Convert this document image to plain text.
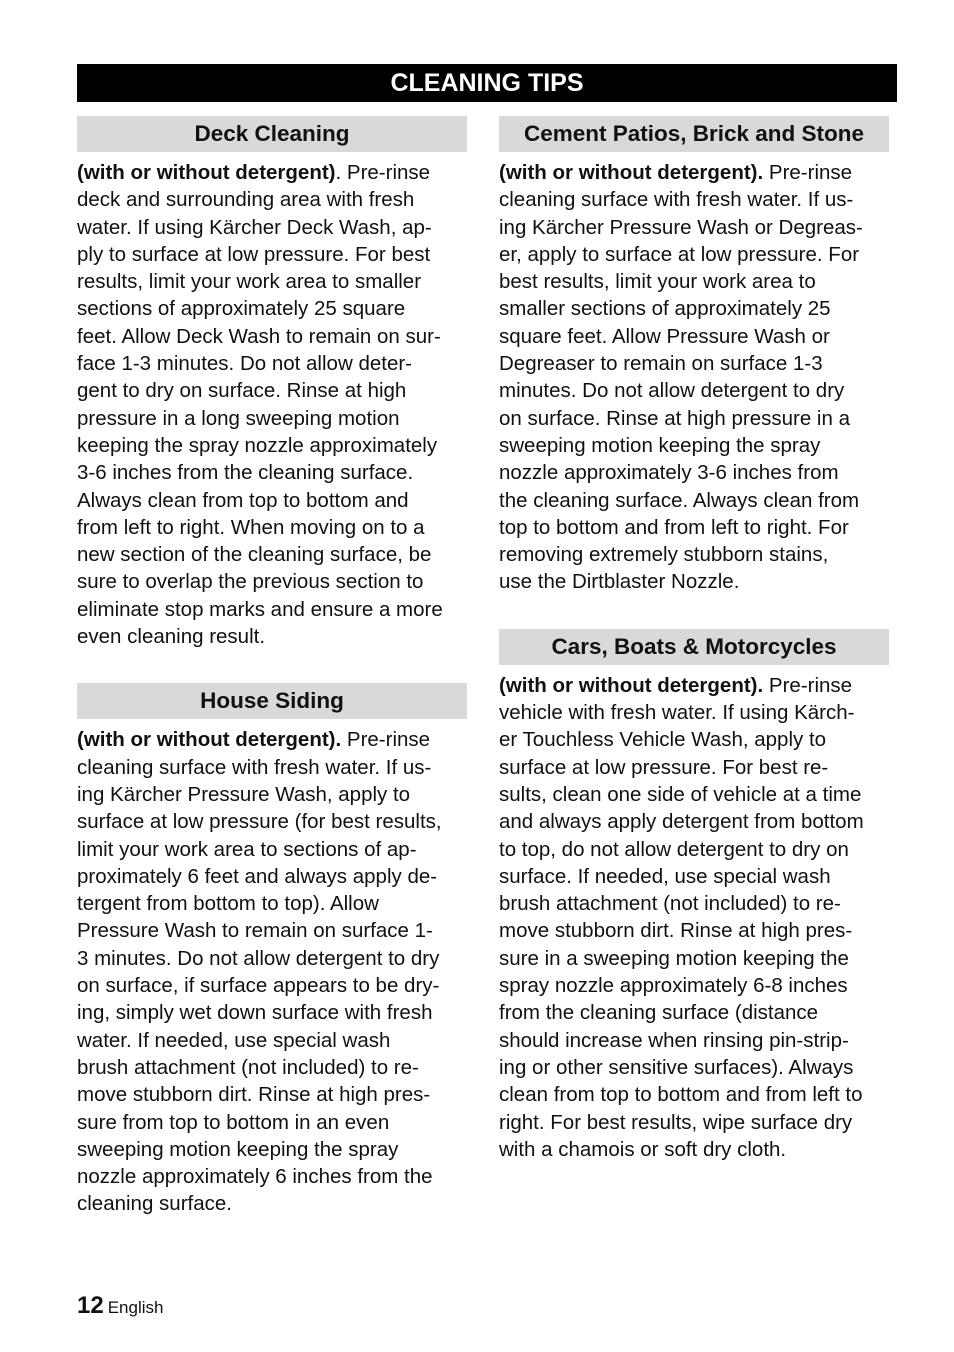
CLEANING TIPS
Deck Cleaning

(with or without detergent). Pre-rinse
deck and surrounding area with fresh
water. If using Kärcher Deck Wash, ap-
ply to surface at low pressure. For best
results, limit your work area to smaller
sections of approximately 25 square
feet. Allow Deck Wash to remain on sur-
face 1-3 minutes. Do not allow deter-
gent to dry on surface. Rinse at high
pressure in a long sweeping motion
keeping the spray nozzle approximately
3-6 inches from the cleaning surface.
Always clean from top to bottom and
from left to right. When moving on to a
new section of the cleaning surface, be
sure to overlap the previous section to
eliminate stop marks and ensure a more
even cleaning result.

House Siding

(with or without detergent). Pre-rinse
cleaning surface with fresh water. If us-
ing Kärcher Pressure Wash, apply to
surface at low pressure (for best results,
limit your work area to sections of ap-
proximately 6 feet and always apply de-
tergent from bottom to top). Allow
Pressure Wash to remain on surface 1-
3 minutes. Do not allow detergent to dry
on surface, if surface appears to be dry-
ing, simply wet down surface with fresh
water. If needed, use special wash
brush attachment (not included) to re-
move stubborn dirt. Rinse at high pres-
sure from top to bottom in an even
sweeping motion keeping the spray
nozzle approximately 6 inches from the
cleaning surface.

Cement Patios, Brick and Stone

(with or without detergent). Pre-rinse
cleaning surface with fresh water. If us-
ing Kärcher Pressure Wash or Degreas-
er, apply to surface at low pressure. For
best results, limit your work area to
smaller sections of approximately 25
square feet. Allow Pressure Wash or
Degreaser to remain on surface 1-3
minutes. Do not allow detergent to dry
on surface. Rinse at high pressure in a
sweeping motion keeping the spray
nozzle approximately 3-6 inches from
the cleaning surface. Always clean from
top to bottom and from left to right. For
removing extremely stubborn stains,
use the Dirtblaster Nozzle.

Cars, Boats & Motorcycles

(with or without detergent). Pre-rinse
vehicle with fresh water. If using Kärch-
er Touchless Vehicle Wash, apply to
surface at low pressure. For best re-
sults, clean one side of vehicle at a time
and always apply detergent from bottom
to top, do not allow detergent to dry on
surface. If needed, use special wash
brush attachment (not included) to re-
move stubborn dirt. Rinse at high pres-
sure in a sweeping motion keeping the
spray nozzle approximately 6-8 inches
from the cleaning surface (distance
should increase when rinsing pin-strip-
ing or other sensitive surfaces). Always
clean from top to bottom and from left to
right. For best results, wipe surface dry
with a chamois or soft dry cloth.

12 English
